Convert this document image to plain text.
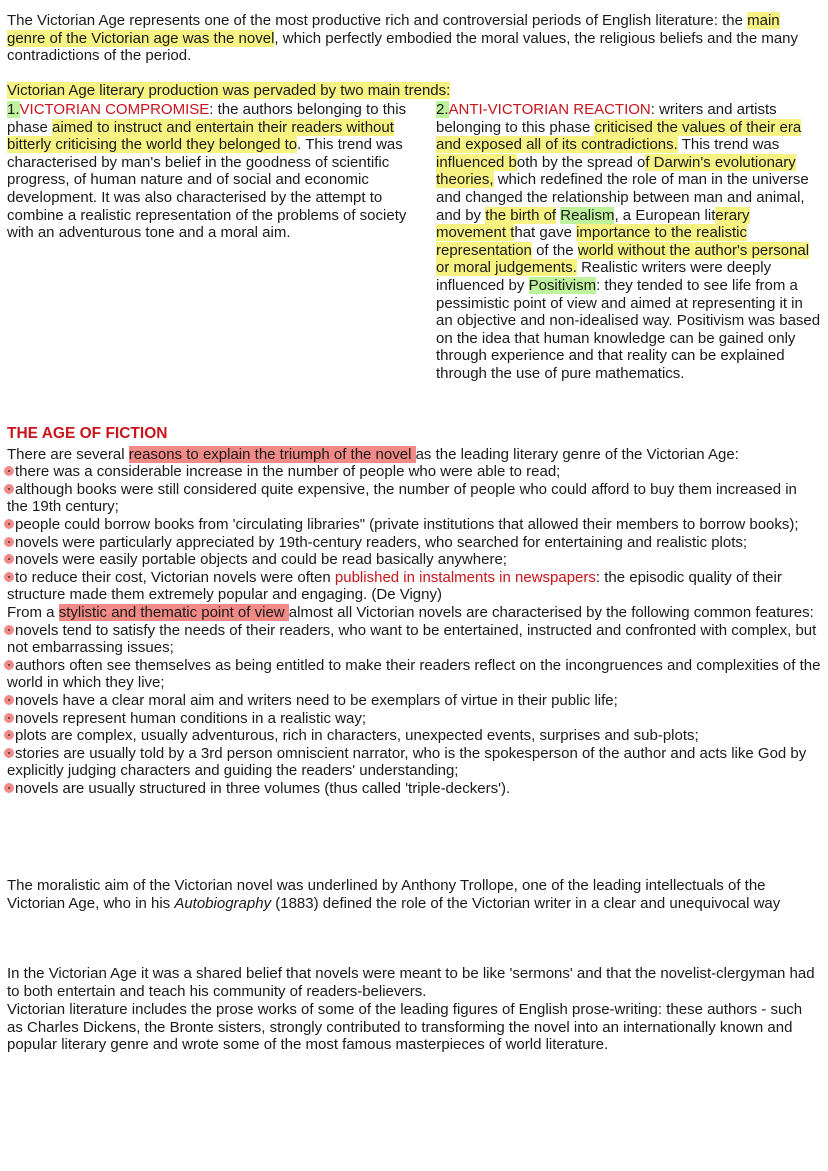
The Victorian Age represents one of the most productive rich and controversial periods of English literature: the main genre of the Victorian age was the novel, which perfectly embodied the moral values, the religious beliefs and the many contradictions of the period.

Victorian Age literary production was pervaded by two main trends:

1.VICTORIAN COMPROMISE: the authors belonging to this phase aimed to instruct and entertain their readers without bitterly criticising the world they belonged to. This trend was characterised by man's belief in the goodness of scientific progress, of human nature and of social and economic development. It was also characterised by the attempt to combine a realistic representation of the problems of society with an adventurous tone and a moral aim.

2.ANTI-VICTORIAN REACTION: writers and artists belonging to this phase criticised the values of their era and exposed all of its contradictions. This trend was influenced both by the spread of Darwin's evolutionary theories, which redefined the role of man in the universe and changed the relationship between man and animal, and by the birth of Realism, a European literary movement that gave importance to the realistic representation of the world without the author's personal or moral judgements. Realistic writers were deeply influenced by Positivism: they tended to see life from a pessimistic point of view and aimed at representing it in an objective and non-idealised way. Positivism was based on the idea that human knowledge can be gained only through experience and that reality can be explained through the use of pure mathematics.

THE AGE OF FICTION

There are several reasons to explain the triumph of the novel as the leading literary genre of the Victorian Age:

there was a considerable increase in the number of people who were able to read;

although books were still considered quite expensive, the number of people who could afford to buy them increased in the 19th century;

people could borrow books from 'circulating libraries" (private institutions that allowed their members to borrow books);

novels were particularly appreciated by 19th-century readers, who searched for entertaining and realistic plots;

novels were easily portable objects and could be read basically anywhere;

to reduce their cost, Victorian novels were often published in instalments in newspapers: the episodic quality of their structure made them extremely popular and engaging. (De Vigny)

From a stylistic and thematic point of view almost all Victorian novels are characterised by the following common features:

novels tend to satisfy the needs of their readers, who want to be entertained, instructed and confronted with complex, but not embarrassing issues;

authors often see themselves as being entitled to make their readers reflect on the incongruences and complexities of the world in which they live;

novels have a clear moral aim and writers need to be exemplars of virtue in their public life;

novels represent human conditions in a realistic way;

plots are complex, usually adventurous, rich in characters, unexpected events, surprises and sub-plots;

stories are usually told by a 3rd person omniscient narrator, who is the spokesperson of the author and acts like God by explicitly judging characters and guiding the readers' understanding;

novels are usually structured in three volumes (thus called 'triple-deckers').

The moralistic aim of the Victorian novel was underlined by Anthony Trollope, one of the leading intellectuals of the Victorian Age, who in his Autobiography (1883) defined the role of the Victorian writer in a clear and unequivocal way

In the Victorian Age it was a shared belief that novels were meant to be like 'sermons' and that the novelist-clergyman had to both entertain and teach his community of readers-believers.

Victorian literature includes the prose works of some of the leading figures of English prose-writing: these authors - such as Charles Dickens, the Bronte sisters, strongly contributed to transforming the novel into an internationally known and popular literary genre and wrote some of the most famous masterpieces of world literature.
